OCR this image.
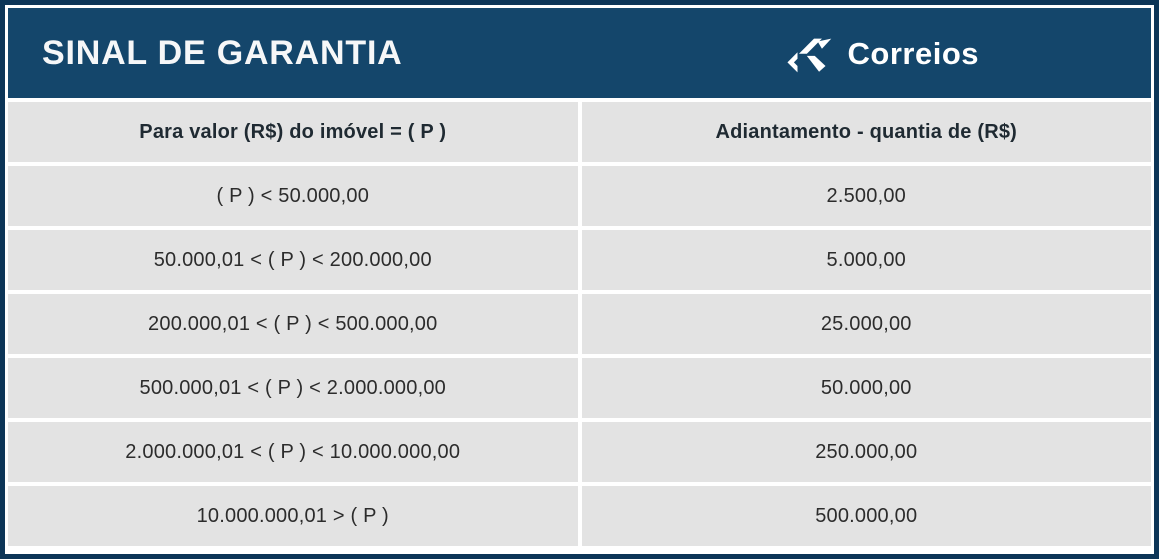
SINAL DE GARANTIA	Correios
Para valor (R$) do imóvel = ( P )	Adiantamento - quantia de (R$)
( P ) < 50.000,00	2.500,00
50.000,01 < ( P ) < 200.000,00	5.000,00
200.000,01 < ( P ) < 500.000,00	25.000,00
500.000,01 < ( P ) < 2.000.000,00	50.000,00
2.000.000,01 < ( P ) < 10.000.000,00	250.000,00
10.000.000,01 > ( P )	500.000,00
